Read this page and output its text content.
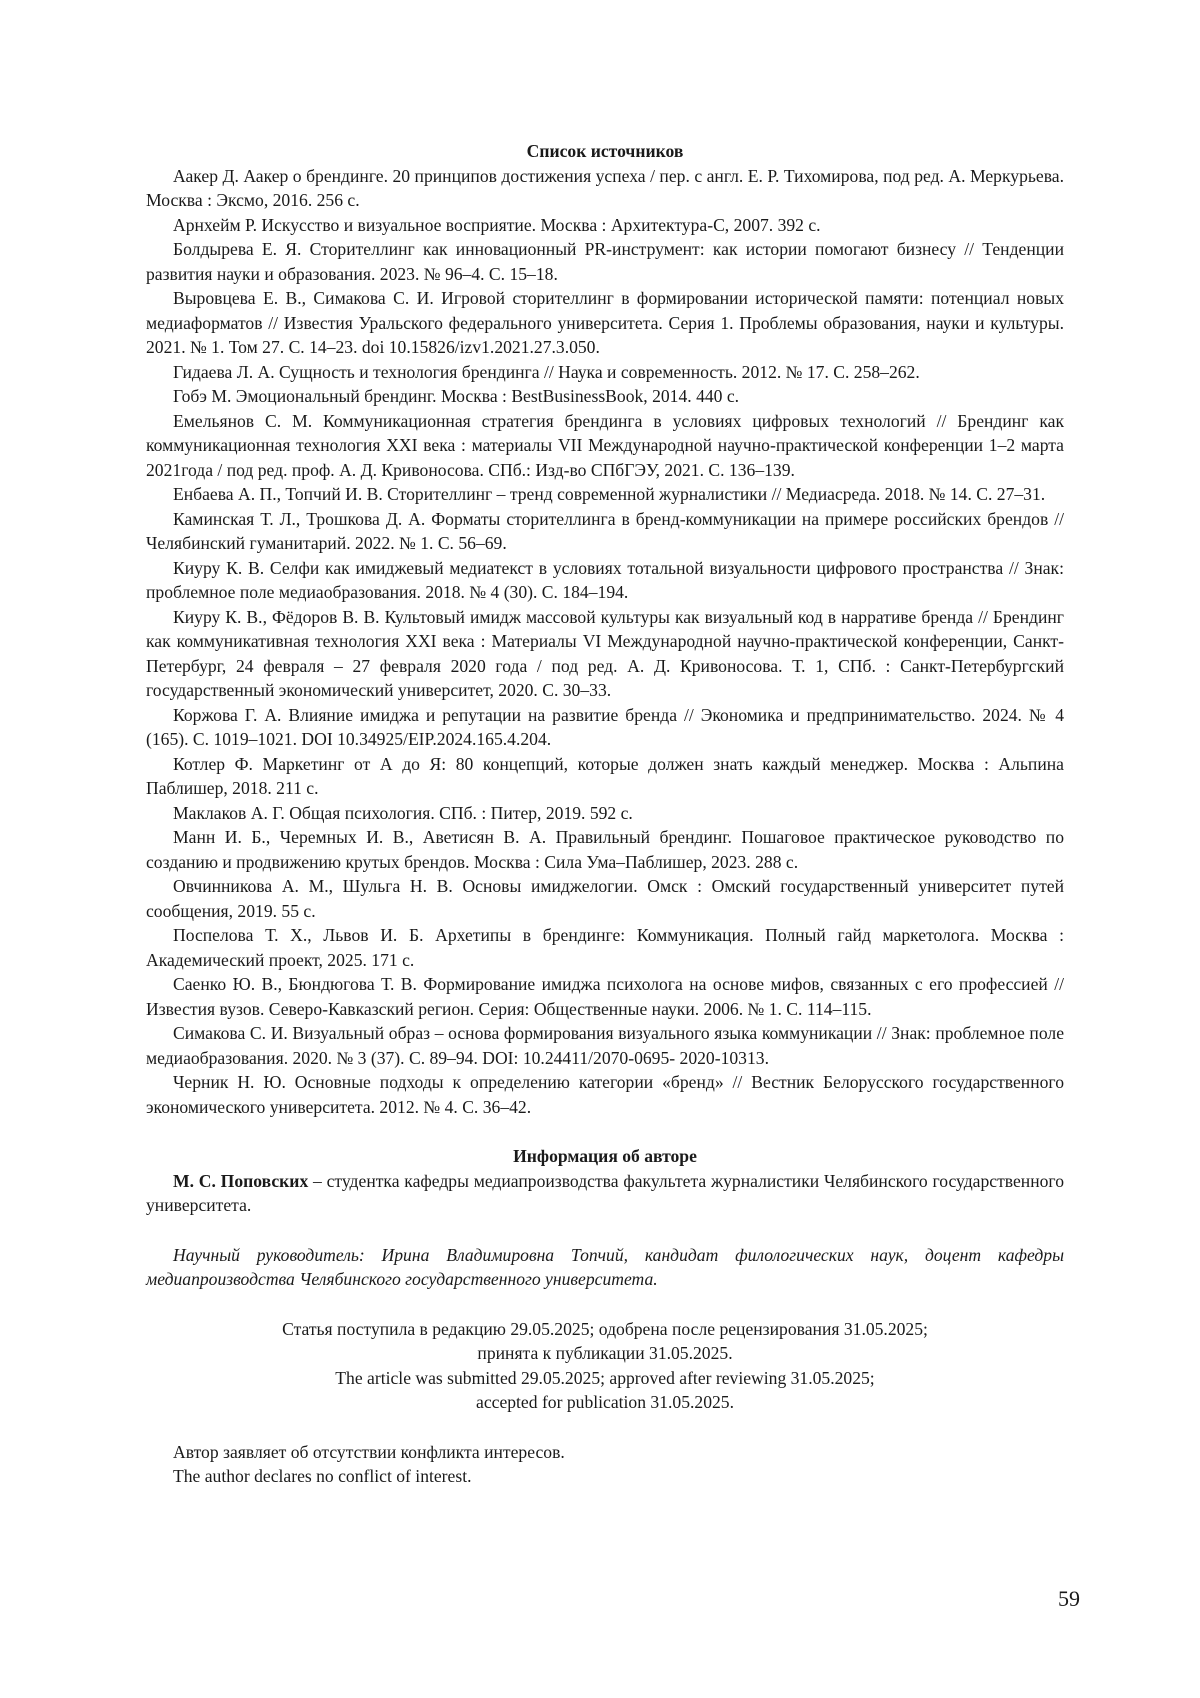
Список источников

Аакер Д. Аакер о брендинге. 20 принципов достижения успеха / пер. с англ. Е. Р. Тихомирова, под ред. А. Меркурьева. Москва : Эксмо, 2016. 256 с.

Арнхейм Р. Искусство и визуальное восприятие. Москва : Архитектура-С, 2007. 392 с.

Болдырева Е. Я. Сторителлинг как инновационный PR-инструмент: как истории помогают бизнесу // Тенденции развития науки и образования. 2023. № 96–4. С. 15–18.

Выровцева Е. В., Симакова С. И. Игровой сторителлинг в формировании исторической памяти: потенциал новых медиаформатов // Известия Уральского федерального университета. Серия 1. Проблемы образования, науки и культуры. 2021. № 1. Том 27. С. 14–23. doi 10.15826/izv1.2021.27.3.050.

Гидаева Л. А. Сущность и технология брендинга // Наука и современность. 2012. № 17. С. 258–262.

Гобэ М. Эмоциональный брендинг. Москва : BestBusinessBook, 2014. 440 с.

Емельянов С. М. Коммуникационная стратегия брендинга в условиях цифровых технологий // Брендинг как коммуникационная технология XXI века : материалы VII Международной научно-практической конференции 1–2 марта 2021года / под ред. проф. А. Д. Кривоносова. СПб.: Изд-во СПбГЭУ, 2021. С. 136–139.

Енбаева А. П., Топчий И. В. Сторителлинг – тренд современной журналистики // Медиасреда. 2018. № 14. С. 27–31.

Каминская Т. Л., Трошкова Д. А. Форматы сторителлинга в бренд-коммуникации на примере российских брендов // Челябинский гуманитарий. 2022. № 1. С. 56–69.

Киуру К. В. Селфи как имиджевый медиатекст в условиях тотальной визуальности цифрового пространства // Знак: проблемное поле медиаобразования. 2018. № 4 (30). С. 184–194.

Киуру К. В., Фёдоров В. В. Культовый имидж массовой культуры как визуальный код в нарративе бренда // Брендинг как коммуникативная технология XXI века : Материалы VI Международной научно-практической конференции, Санкт-Петербург, 24 февраля – 27 февраля 2020 года / под ред. А. Д. Кривоносова. Т. 1, СПб. : Санкт-Петербургский государственный экономический университет, 2020. С. 30–33.

Коржова Г. А. Влияние имиджа и репутации на развитие бренда // Экономика и предпринимательство. 2024. № 4 (165). С. 1019–1021. DOI 10.34925/EIP.2024.165.4.204.

Котлер Ф. Маркетинг от А до Я: 80 концепций, которые должен знать каждый менеджер. Москва : Альпина Паблишер, 2018. 211 с.

Маклаков А. Г. Общая психология. СПб. : Питер, 2019. 592 с.

Манн И. Б., Черемных И. В., Аветисян В. А. Правильный брендинг. Пошаговое практическое руководство по созданию и продвижению крутых брендов. Москва : Сила Ума–Паблишер, 2023. 288 с.

Овчинникова А. М., Шульга Н. В. Основы имиджелогии. Омск : Омский государственный университет путей сообщения, 2019. 55 с.

Поспелова Т. Х., Львов И. Б. Архетипы в брендинге: Коммуникация. Полный гайд маркетолога. Москва : Академический проект, 2025. 171 с.

Саенко Ю. В., Бюндюгова Т. В. Формирование имиджа психолога на основе мифов, связанных с его профессией // Известия вузов. Северо-Кавказский регион. Серия: Общественные науки. 2006. № 1. С. 114–115.

Симакова С. И. Визуальный образ – основа формирования визуального языка коммуникации // Знак: проблемное поле медиаобразования. 2020. № 3 (37). С. 89–94. DOI: 10.24411/2070-0695- 2020-10313.

Черник Н. Ю. Основные подходы к определению категории «бренд» // Вестник Белорусского государственного экономического университета. 2012. № 4. С. 36–42.

Информация об авторе

М. С. Поповских – студентка кафедры медиапроизводства факультета журналистики Челябинского государственного университета.

Научный руководитель: Ирина Владимировна Топчий, кандидат филологических наук, доцент кафедры медиапроизводства Челябинского государственного университета.

Статья поступила в редакцию 29.05.2025; одобрена после рецензирования 31.05.2025;
принята к публикации 31.05.2025.
The article was submitted 29.05.2025; approved after reviewing 31.05.2025;
accepted for publication 31.05.2025.
Автор заявляет об отсутствии конфликта интересов.
The author declares no conflict of interest.
59
